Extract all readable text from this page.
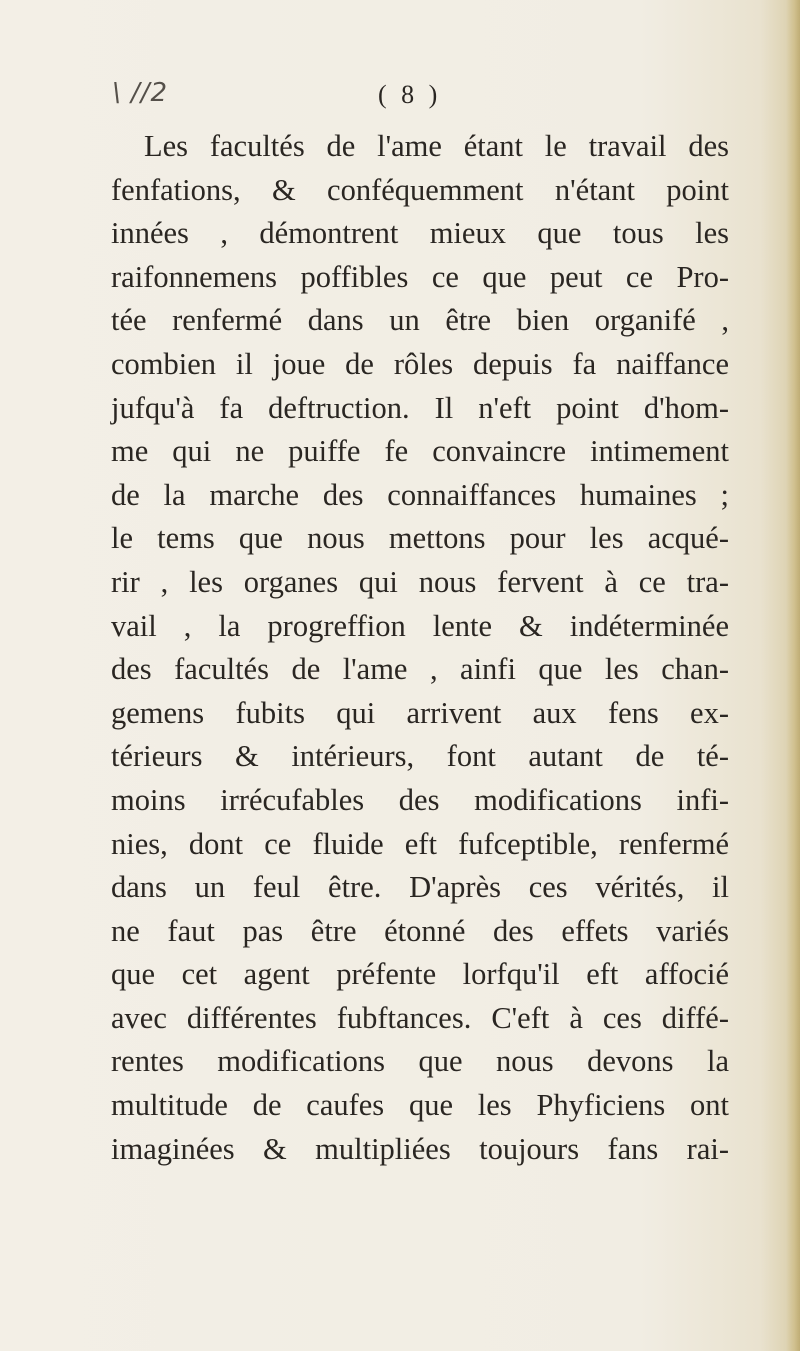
\ //2	( 8 )
Les facultés de l'ame étant le travail des
fenfations, & conféquemment n'étant point
innées , démontrent mieux que tous les
raifonnemens poffibles ce que peut ce Pro-
tée renfermé dans un être bien organifé ,
combien il joue de rôles depuis fa naiffance
jufqu'à fa deftruction. Il n'eft point d'hom-
me qui ne puiffe fe convaincre intimement
de la marche des connaiffances humaines ;
le tems que nous mettons pour les acqué-
rir , les organes qui nous fervent à ce tra-
vail , la progreffion lente & indéterminée
des facultés de l'ame , ainfi que les chan-
gemens fubits qui arrivent aux fens ex-
térieurs & intérieurs, font autant de té-
moins irrécufables des modifications infi-
nies, dont ce fluide eft fufceptible, renfermé
dans un feul être. D'après ces vérités, il
ne faut pas être étonné des effets variés
que cet agent préfente lorfqu'il eft affocié
avec différentes fubftances. C'eft à ces diffé-
rentes modifications que nous devons la
multitude de caufes que les Phyficiens ont
imaginées & multipliées toujours fans rai-
